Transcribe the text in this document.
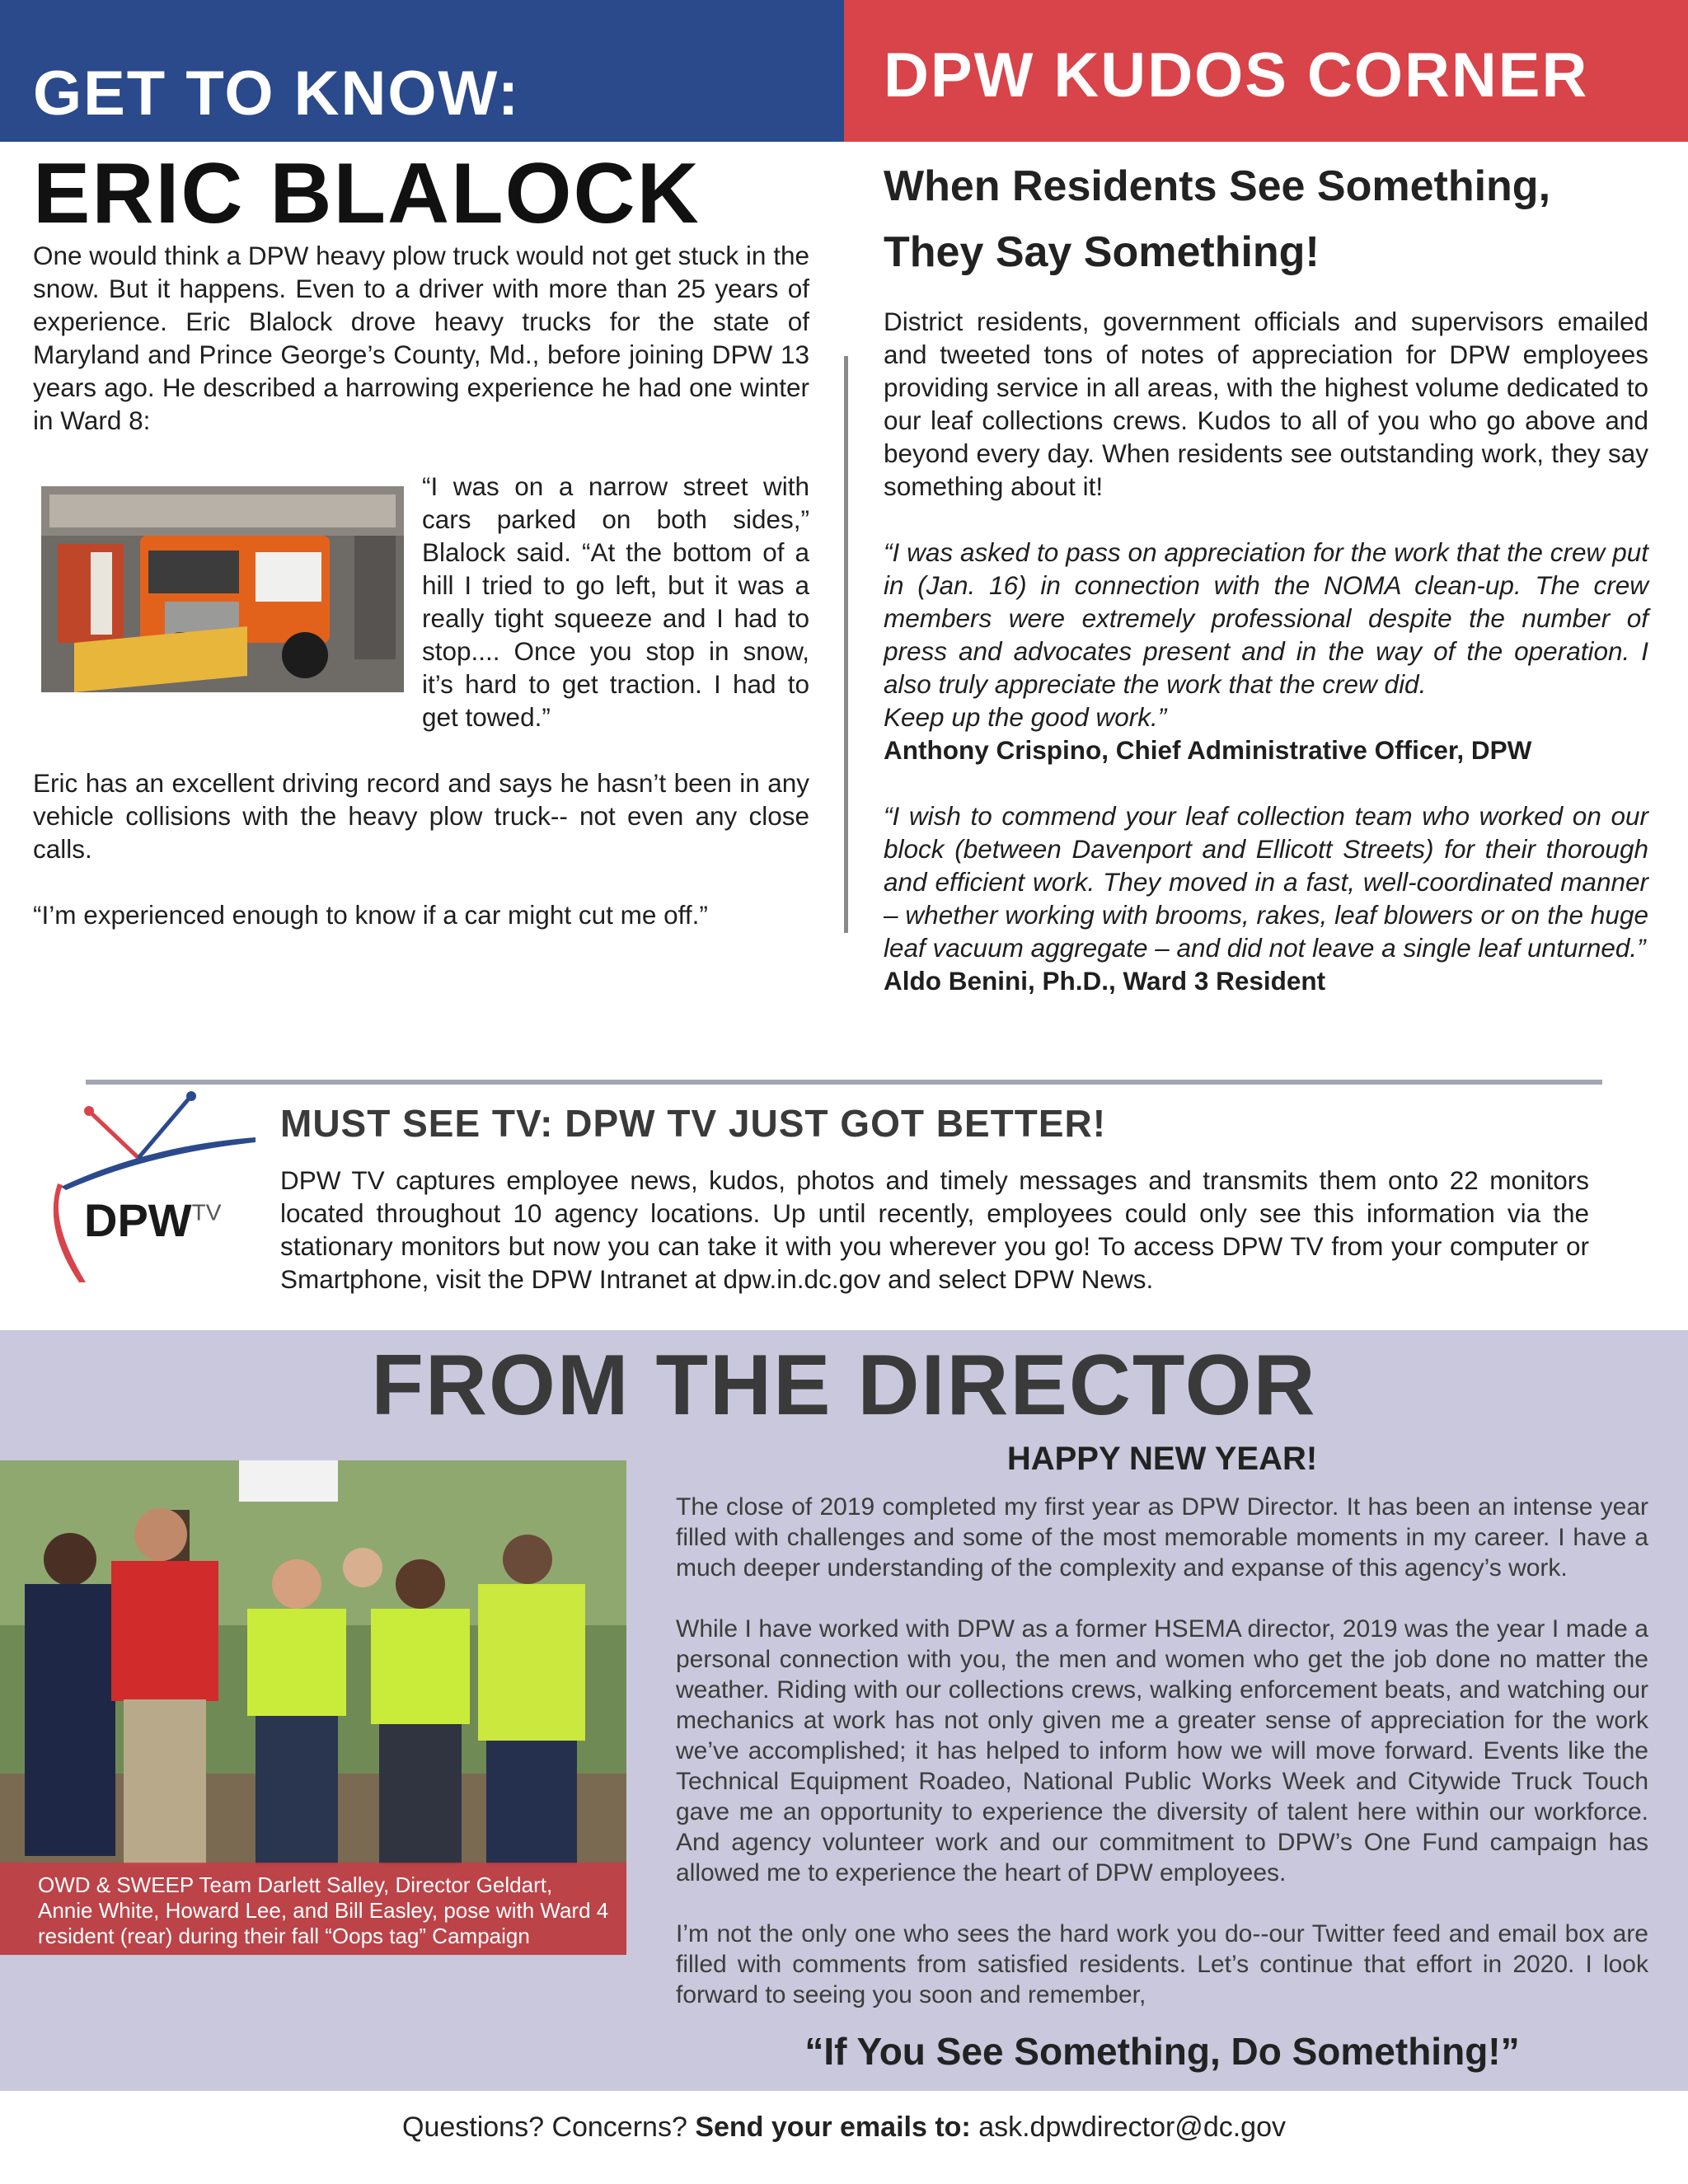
GET TO KNOW:	DPW KUDOS CORNER
ERIC BLALOCK
One would think a DPW heavy plow truck would not get stuck in the snow. But it happens. Even to a driver with more than 25 years of experience. Eric Blalock drove heavy trucks for the state of Maryland and Prince George’s County, Md., before joining DPW 13 years ago. He described a harrowing experience he had one winter in Ward 8:
“I was on a narrow street with cars parked on both sides,” Blalock said. “At the bottom of a hill I tried to go left, but it was a really tight squeeze and I had to stop.... Once you stop in snow, it’s hard to get traction. I had to get towed.”
Eric has an excellent driving record and says he hasn’t been in any vehicle collisions with the heavy plow truck-- not even any close calls.
“I’m experienced enough to know if a car might cut me off.”
When Residents See Something,
They Say Something!
District residents, government officials and supervisors emailed and tweeted tons of notes of appreciation for DPW employees providing service in all areas, with the highest volume dedicated to our leaf collections crews. Kudos to all of you who go above and beyond every day. When residents see outstanding work, they say something about it!
“I was asked to pass on appreciation for the work that the crew put in (Jan. 16) in connection with the NOMA clean-up. The crew members were extremely professional despite the number of press and advocates present and in the way of the operation. I also truly appreciate the work that the crew did.
Keep up the good work.”
Anthony Crispino, Chief Administrative Officer, DPW
“I wish to commend your leaf collection team who worked on our block (between Davenport and Ellicott Streets) for their thorough and efficient work. They moved in a fast, well-coordinated manner – whether working with brooms, rakes, leaf blowers or on the huge leaf vacuum aggregate – and did not leave a single leaf unturned.”
Aldo Benini, Ph.D., Ward 3 Resident
$DPW^{TV}$
MUST SEE TV: DPW TV JUST GOT BETTER!
DPW TV captures employee news, kudos, photos and timely messages and transmits them onto 22 monitors located throughout 10 agency locations. Up until recently, employees could only see this information via the stationary monitors but now you can take it with you wherever you go! To access DPW TV from your computer or Smartphone, visit the DPW Intranet at dpw.in.dc.gov and select DPW News.
FROM THE DIRECTOR
OWD & SWEEP Team Darlett Salley, Director Geldart, Annie White, Howard Lee, and Bill Easley, pose with Ward 4 resident (rear) during their fall “Oops tag” Campaign
HAPPY NEW YEAR!

The close of 2019 completed my first year as DPW Director. It has been an intense year filled with challenges and some of the most memorable moments in my career. I have a much deeper understanding of the complexity and expanse of this agency’s work.

While I have worked with DPW as a former HSEMA director, 2019 was the year I made a personal connection with you, the men and women who get the job done no matter the weather. Riding with our collections crews, walking enforcement beats, and watching our mechanics at work has not only given me a greater sense of appreciation for the work we’ve accomplished; it has helped to inform how we will move forward. Events like the Technical Equipment Roadeo, National Public Works Week and Citywide Truck Touch gave me an opportunity to experience the diversity of talent here within our workforce. And agency volunteer work and our commitment to DPW’s One Fund campaign has allowed me to experience the heart of DPW employees.

I’m not the only one who sees the hard work you do--our Twitter feed and email box are filled with comments from satisfied residents. Let’s continue that effort in 2020. I look forward to seeing you soon and remember,

“If You See Something, Do Something!”
Questions? Concerns? Send your emails to: ask.dpwdirector@dc.gov
